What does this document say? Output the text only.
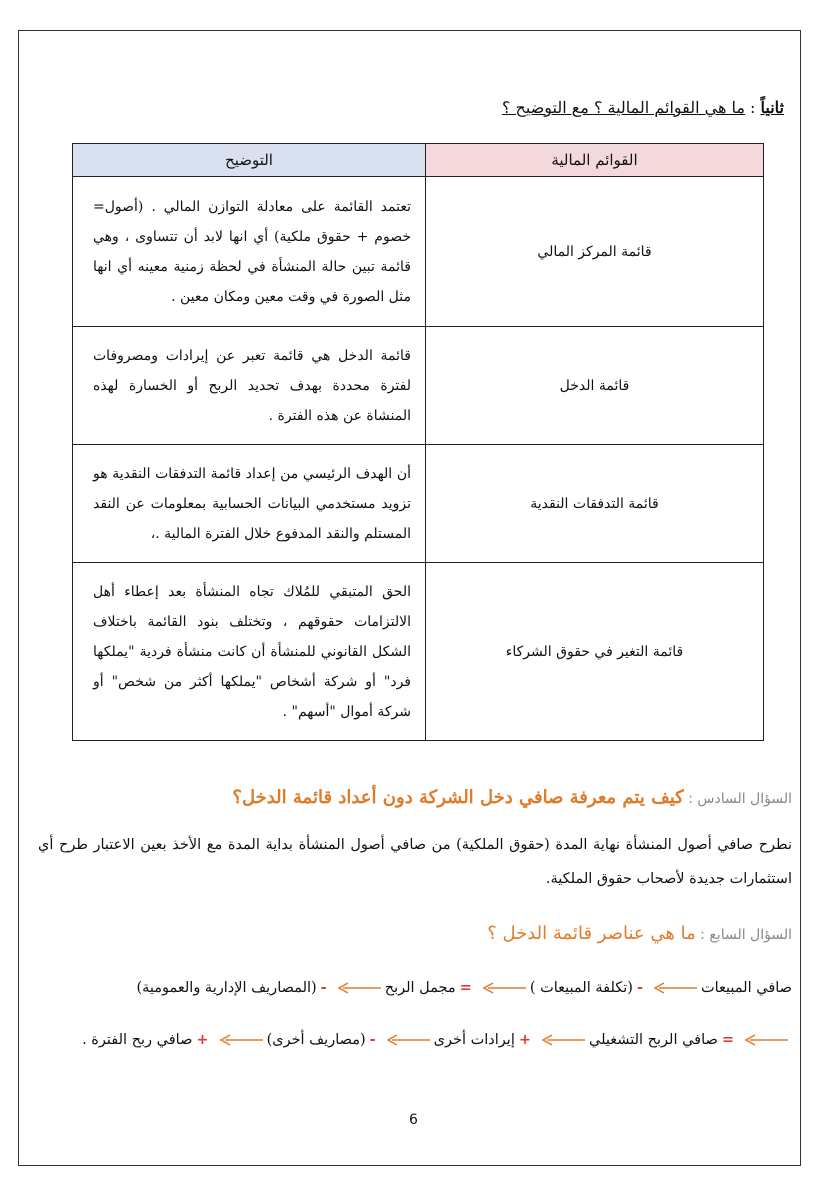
ثانياً : ما هي القوائم المالية ؟ مع التوضيح ؟
القوائم المالية	التوضيح
قائمة المركز المالي	تعتمد القائمة على معادلة التوازن المالي . (أصول= خصوم + حقوق ملكية) أي انها لابد أن تتساوى ، وهي قائمة تبين حالة المنشأة في لحظة زمنية معينه أي انها مثل الصورة في وقت معين ومكان معين .
قائمة الدخل	قائمة الدخل هي قائمة تعبر عن إيرادات ومصروفات لفترة محددة بهدف تحديد الربح أو الخسارة لهذه المنشاة عن هذه الفترة .
قائمة التدفقات النقدية	أن الهدف الرئيسي من إعداد قائمة التدفقات النقدية هو تزويد مستخدمي البيانات الحسابية بمعلومات عن النقد المستلم والنقد المدفوع خلال الفترة المالية .،
قائمة التغير في حقوق الشركاء	الحق المتبقي للمُلاك تجاه المنشأة بعد إعطاء أهل الالتزامات حقوقهم ، وتختلف بنود القائمة باختلاف الشكل القانوني للمنشأة أن كانت منشأة فردية "يملكها فرد" أو شركة أشخاص "يملكها أكثر من شخص" أو شركة أموال "أسهم" .
السؤال السادس : كيف يتم معرفة صافي دخل الشركة دون أعداد قائمة الدخل؟
نطرح صافي أصول المنشأة نهاية المدة (حقوق الملكية) من صافي أصول المنشأة بداية المدة مع الأخذ بعين الاعتبار طرح أي استثمارات جديدة لأصحاب حقوق الملكية.
السؤال السابع : ما هي عناصر قائمة الدخل ؟
صافي المبيعات
-
(تكلفة المبيعات )
=
مجمل الربح
-
(المصاريف الإدارية والعمومية)
=
صافي الربح التشغيلي
+
إيرادات أخرى
-
(مصاريف أخرى)
+
صافي ربح الفترة .
6
